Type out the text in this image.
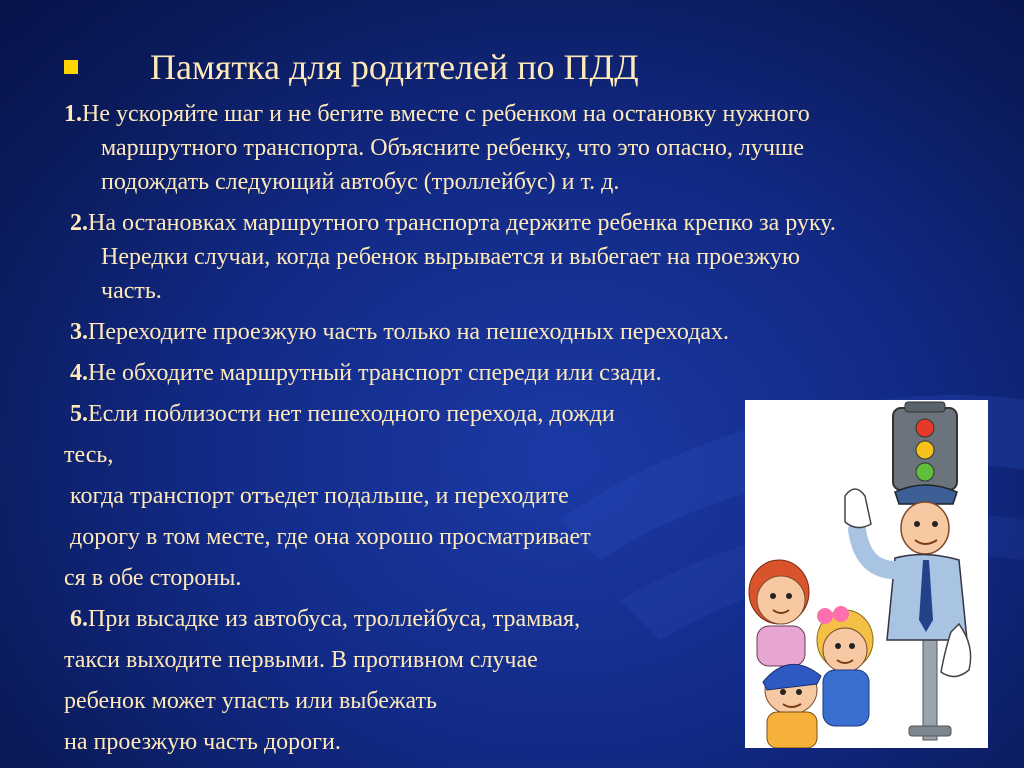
Памятка для родителей по ПДД
1.Не ускоряйте шаг и не бегите вместе с ребенком на остановку нужного
маршрутного транспорта. Объясните ребенку, что это опасно, лучше
подождать следующий автобус (троллейбус) и т. д.
2.На остановках маршрутного транспорта держите ребенка крепко за руку.
Нередки случаи, когда ребенок вырывается и выбегает на проезжую
часть.
3.Переходите проезжую часть только на пешеходных переходах.
4.Не обходите маршрутный транспорт спереди или сзади.
5.Если поблизости нет пешеходного перехода, дожди
тесь,
когда транспорт отъедет подальше, и переходите
дорогу в том месте, где она хорошо просматривает
ся в обе стороны.
6.При высадке из автобуса, троллейбуса, трамвая,
такси выходите первыми. В противном случае
ребенок может упасть или выбежать
на проезжую часть дороги.
